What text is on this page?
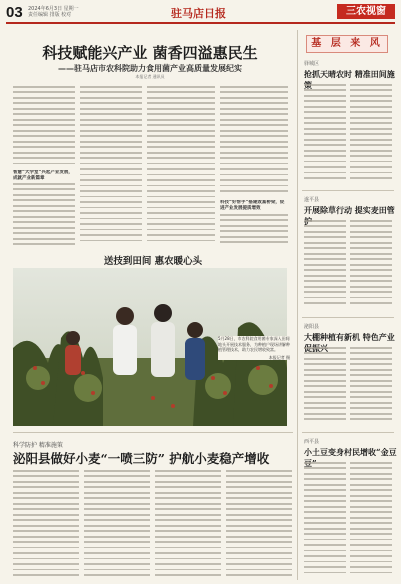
03 2024年6月3日 星期一
责任编辑 排版 校对	驻马店日报	三农视窗
科技赋能兴产业 菌香四溢惠民生
——驻马店市农科院助力食用菌产业高质量发展纪实
本报记者 通讯员
智慧“大学堂”兴起产业发展，成就产业新篇章
科技“好帮手”搭建致富桥梁，促进产业发展提质增效
送技到田间 惠农暖心头
5月28日，市农科院食用菌专家深入田间地头开展技术服务，为种植户现场讲解种植管理技术，助力农民增收致富。
本报记者 摄
基 层 来 风
驿城区
抢抓天晴农时 精准田间施
遂平县
开展除草行动 提实麦田管
泌阳县
大棚种植有新机 特色产业
西平县
小土豆变身村民增收“金豆
科学防护 精准施策
泌阳县做好小麦“一喷三防” 护航小麦稳产增收
